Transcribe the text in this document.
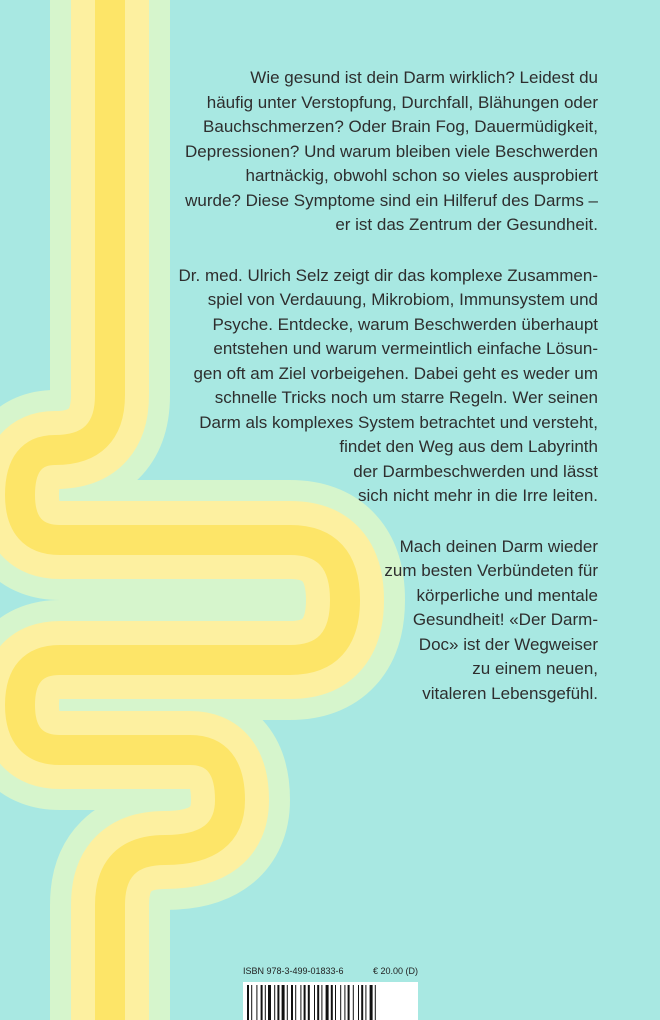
Wie gesund ist dein Darm wirklich? Leidest du
häufig unter Verstopfung, Durchfall, Blähungen oder
Bauchschmerzen? Oder Brain Fog, Dauermüdigkeit,
Depressionen? Und warum bleiben viele Beschwerden
hartnäckig, obwohl schon so vieles ausprobiert
wurde? Diese Symptome sind ein Hilferuf des Darms –
er ist das Zentrum der Gesundheit.

Dr. med. Ulrich Selz zeigt dir das komplexe Zusammen-
spiel von Verdauung, Mikrobiom, Immunsystem und
Psyche. Entdecke, warum Beschwerden überhaupt
entstehen und warum vermeintlich einfache Lösun-
gen oft am Ziel vorbeigehen. Dabei geht es weder um
schnelle Tricks noch um starre Regeln. Wer seinen
Darm als komplexes System betrachtet und versteht,
findet den Weg aus dem Labyrinth
der Darmbeschwerden und lässt
sich nicht mehr in die Irre leiten.

Mach deinen Darm wieder
zum besten Verbündeten für
körperliche und mentale
Gesundheit! «Der Darm-
Doc» ist der Wegweiser
zu einem neuen,
vitaleren Lebensgefühl.

ISBN 978-3-499-01833-6	€ 20.00 (D)
